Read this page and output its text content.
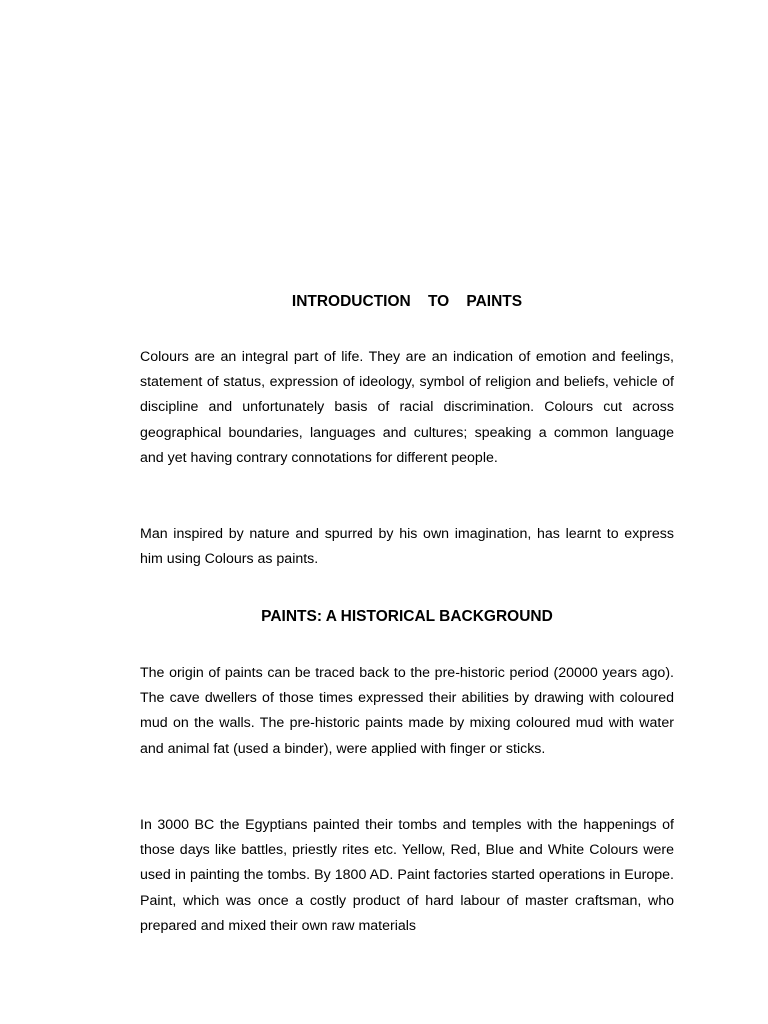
INTRODUCTION    TO    PAINTS

Colours are an integral part of life. They are an indication of emotion and feelings, statement of status, expression of ideology, symbol of religion and beliefs, vehicle of discipline and unfortunately basis of racial discrimination. Colours cut across geographical boundaries, languages and cultures; speaking a common language and yet having contrary connotations for different people.

Man inspired by nature and spurred by his own imagination, has learnt to express him using Colours as paints.

PAINTS: A HISTORICAL BACKGROUND

The origin of paints can be traced back to the pre-historic period (20000 years ago). The cave dwellers of those times expressed their abilities by drawing with coloured mud on the walls. The pre-historic paints made by mixing coloured mud with water and animal fat (used a binder), were applied with finger or sticks.

In 3000 BC the Egyptians painted their tombs and temples with the happenings of those days like battles, priestly rites etc. Yellow, Red, Blue and White Colours were used in painting the tombs. By 1800 AD. Paint factories started operations in Europe. Paint, which was once a costly product of hard labour of master craftsman, who prepared and mixed their own raw materials
